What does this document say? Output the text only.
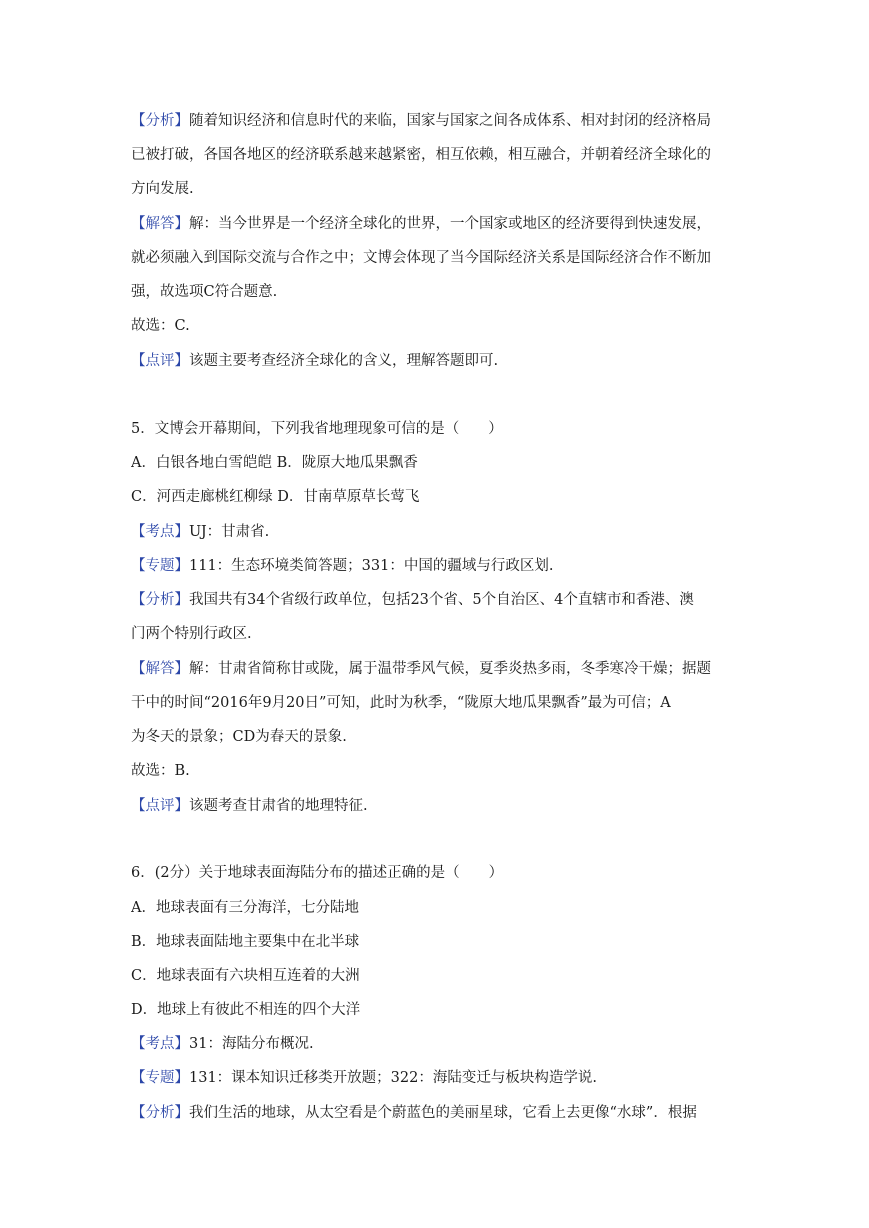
【分析】随着知识经济和信息时代的来临，国家与国家之间各成体系、相对封闭的经济格局
已被打破，各国各地区的经济联系越来越紧密，相互依赖，相互融合，并朝着经济全球化的
方向发展.
【解答】解：当今世界是一个经济全球化的世界，一个国家或地区的经济要得到快速发展，
就必须融入到国际交流与合作之中；文博会体现了当今国际经济关系是国际经济合作不断加
强，故选项C符合题意.
故选：C.
【点评】该题主要考查经济全球化的含义，理解答题即可.
5．文博会开幕期间，下列我省地理现象可信的是（　　）
A．白银各地白雪皑皑 B．陇原大地瓜果飘香
C．河西走廊桃红柳绿 D．甘南草原草长莺飞
【考点】UJ：甘肃省.
【专题】111：生态环境类简答题；331：中国的疆域与行政区划.
【分析】我国共有34个省级行政单位，包括23个省、5个自治区、4个直辖市和香港、澳
门两个特别行政区.
【解答】解：甘肃省简称甘或陇，属于温带季风气候，夏季炎热多雨，冬季寒冷干燥；据题
干中的时间“2016年9月20日”可知，此时为秋季，“陇原大地瓜果飘香”最为可信；A
为冬天的景象；CD为春天的景象.
故选：B.
【点评】该题考查甘肃省的地理特征.
6．(2分）关于地球表面海陆分布的描述正确的是（　　）
A．地球表面有三分海洋，七分陆地
B．地球表面陆地主要集中在北半球
C．地球表面有六块相互连着的大洲
D．地球上有彼此不相连的四个大洋
【考点】31：海陆分布概况.
【专题】131：课本知识迁移类开放题；322：海陆变迁与板块构造学说.
【分析】我们生活的地球，从太空看是个蔚蓝色的美丽星球，它看上去更像“水球”．根据
